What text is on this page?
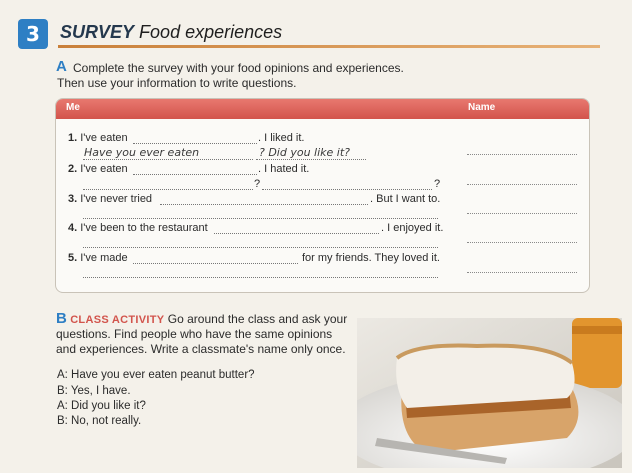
3	SURVEY Food experiences
A Complete the survey with your food opinions and experiences.
Then use your information to write questions.
Me	Name
1. I've eaten	. I liked it.
Have you ever eaten	? Did you like it?
2. I've eaten	. I hated it.
?	?
3. I've never tried	. But I want to.
4. I've been to the restaurant	. I enjoyed it.
5. I've made	for my friends. They loved it.
B CLASS ACTIVITY Go around the class and ask your
questions. Find people who have the same opinions
and experiences. Write a classmate's name only once.
A: Have you ever eaten peanut butter?
B: Yes, I have.
A: Did you like it?
B: No, not really.
